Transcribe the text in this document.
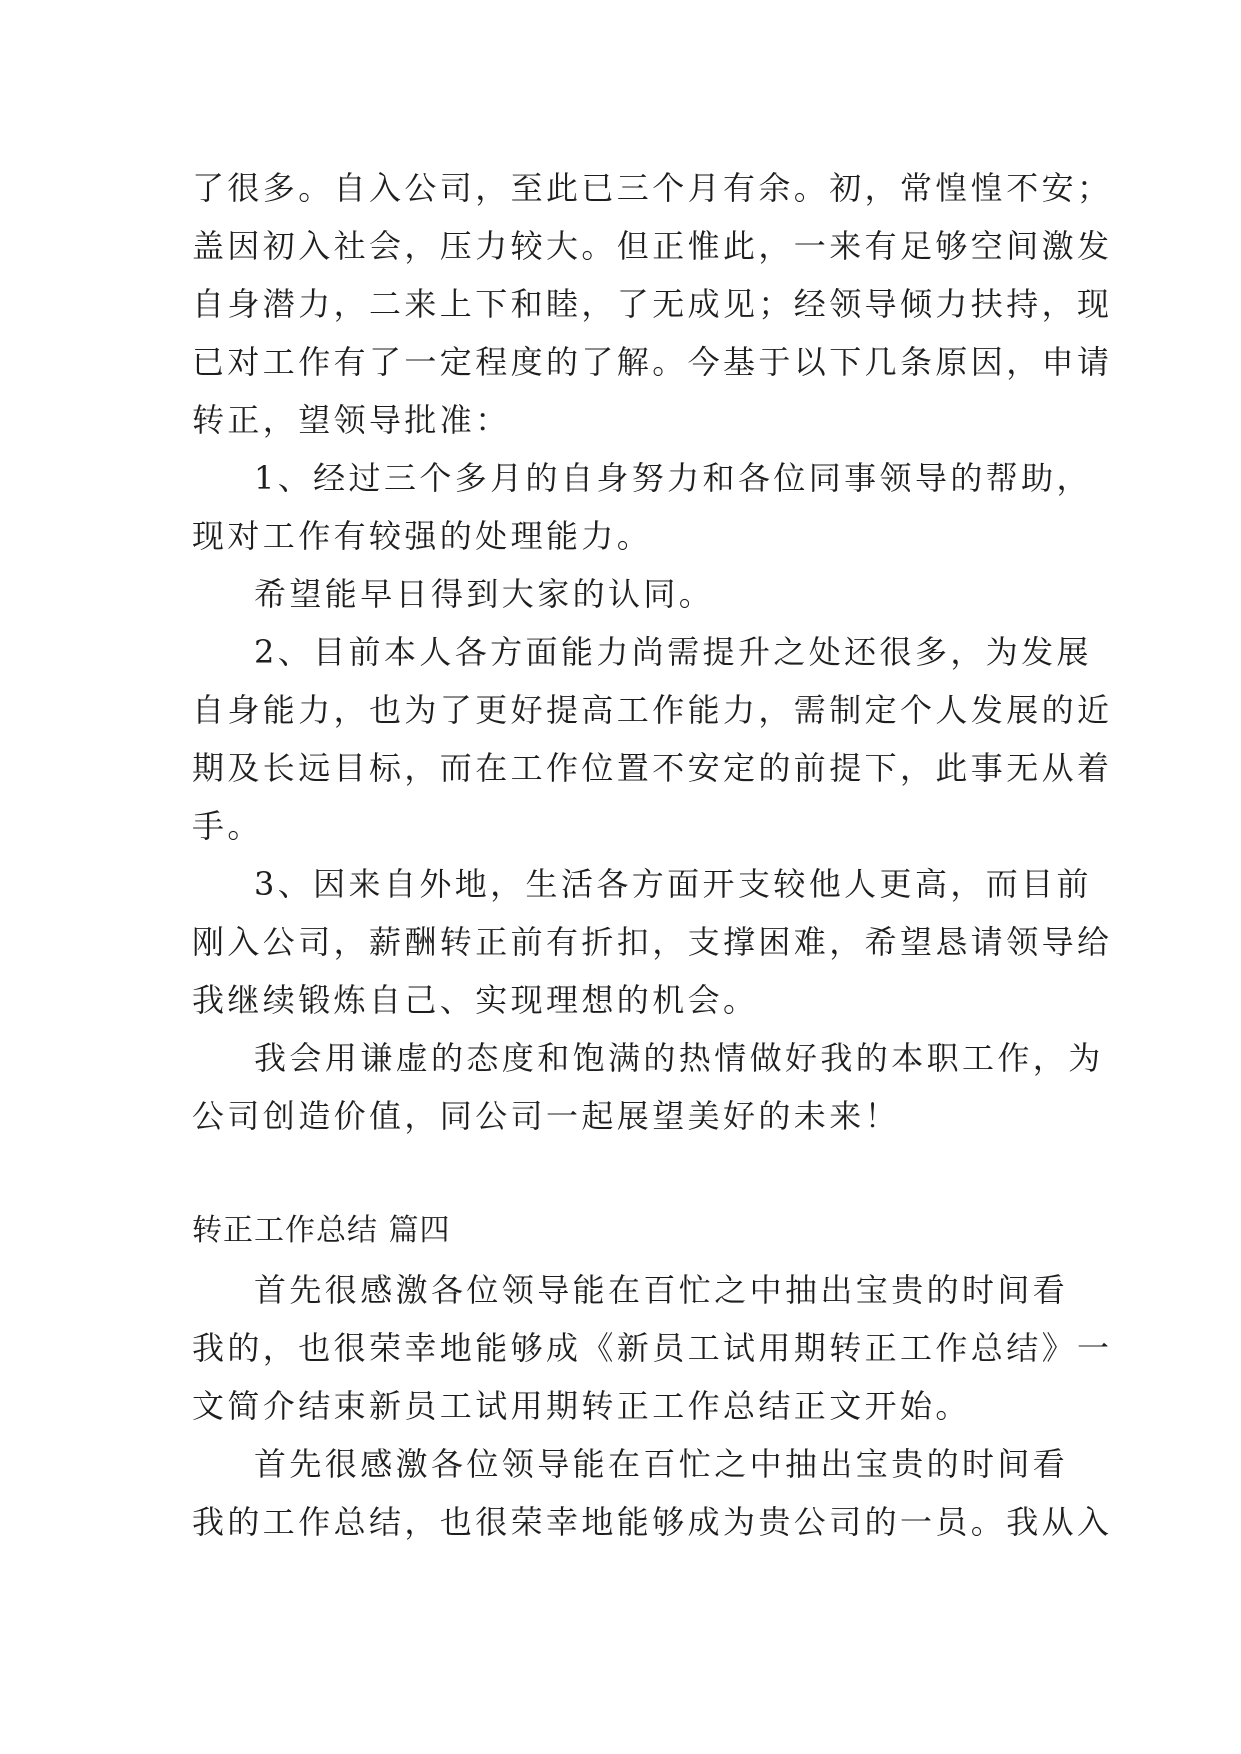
了很多。自入公司，至此已三个月有余。初，常惶惶不安；

盖因初入社会，压力较大。但正惟此，一来有足够空间激发

自身潜力，二来上下和睦，了无成见；经领导倾力扶持，现

已对工作有了一定程度的了解。今基于以下几条原因，申请

转正，望领导批准：

1、经过三个多月的自身努力和各位同事领导的帮助，

现对工作有较强的处理能力。

希望能早日得到大家的认同。

2、目前本人各方面能力尚需提升之处还很多，为发展

自身能力，也为了更好提高工作能力，需制定个人发展的近

期及长远目标，而在工作位置不安定的前提下，此事无从着

手。

3、因来自外地，生活各方面开支较他人更高，而目前

刚入公司，薪酬转正前有折扣，支撑困难，希望恳请领导给

我继续锻炼自己、实现理想的机会。

我会用谦虚的态度和饱满的热情做好我的本职工作，为

公司创造价值，同公司一起展望美好的未来！

转正工作总结 篇四

首先很感激各位领导能在百忙之中抽出宝贵的时间看

我的，也很荣幸地能够成《新员工试用期转正工作总结》一

文简介结束新员工试用期转正工作总结正文开始。

首先很感激各位领导能在百忙之中抽出宝贵的时间看

我的工作总结，也很荣幸地能够成为贵公司的一员。我从入
